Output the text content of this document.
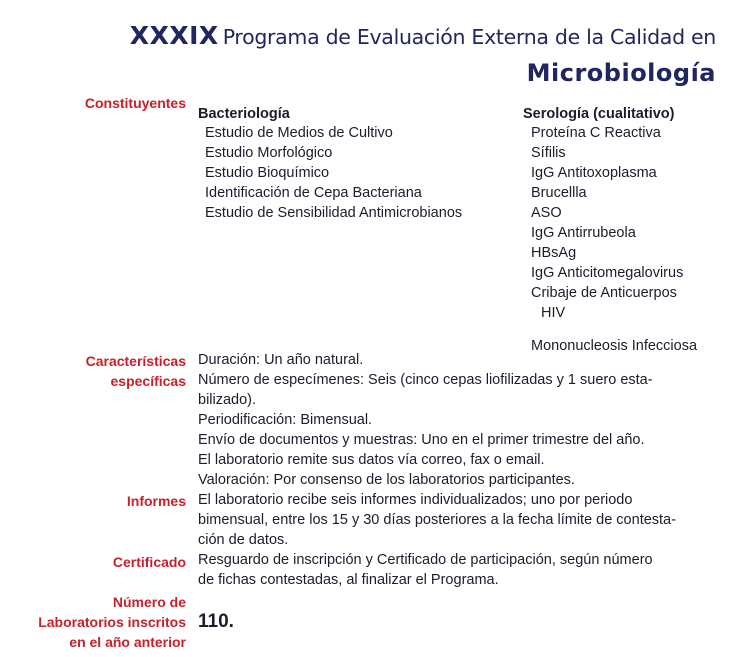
XXXIX Programa de Evaluación Externa de la Calidad en
Microbiología
Constituyentes
Bacteriología
Estudio de Medios de Cultivo
Estudio Morfológico
Estudio Bioquímico
Identificación de Cepa Bacteriana
Estudio de Sensibilidad Antimicrobianos
Serología (cualitativo)
Proteína C Reactiva
Sífilis
IgG Antitoxoplasma
Brucellla
ASO
IgG Antirrubeola
HBsAg
IgG Anticitomegalovirus
Cribaje de Anticuerpos
HIV
Mononucleosis Infecciosa
Características
específicas

Duración: Un año natural.

Número de especímenes: Seis (cinco cepas liofilizadas y 1 suero esta-

bilizado).

Periodificación: Bimensual.

Envío de documentos y muestras: Uno en el primer trimestre del año.

El laboratorio remite sus datos vía correo, fax o email.

Valoración: Por consenso de los laboratorios participantes.

Informes El laboratorio recibe seis informes individualizados; uno por periodo

bimensual, entre los 15 y 30 días posteriores a la fecha límite de contesta-

ción de datos.

Certificado Resguardo de inscripción y Certificado de participación, según número

de fichas contestadas, al finalizar el Programa.

Número de
Laboratorios inscritos
en el año anterior
110.
